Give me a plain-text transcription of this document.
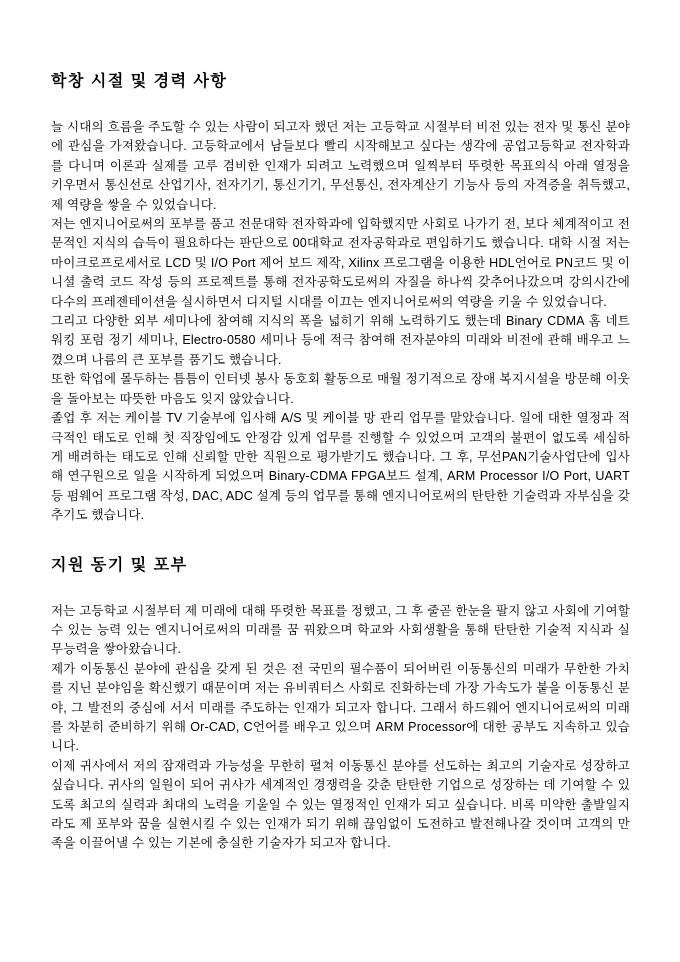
학창 시절 및 경력 사항

늘 시대의 흐름을 주도할 수 있는 사람이 되고자 했던 저는 고등학교 시절부터 비전 있는 전자 및 통신 분야에 관심을 가져왔습니다. 고등학교에서 남들보다 빨리 시작해보고 싶다는 생각에 공업고등학교 전자학과를 다니며 이론과 실제를 고루 겸비한 인재가 되려고 노력했으며 일찍부터 뚜렷한 목표의식 아래 열정을 키우면서 통신선로 산업기사, 전자기기, 통신기기, 무선통신, 전자계산기 기능사 등의 자격증을 취득했고, 제 역량을 쌓을 수 있었습니다.

저는 엔지니어로써의 포부를 품고 전문대학 전자학과에 입학했지만 사회로 나가기 전, 보다 체계적이고 전문적인 지식의 습득이 필요하다는 판단으로 00대학교 전자공학과로 편입하기도 했습니다. 대학 시절 저는 마이크로프로세서로 LCD 및 I/O Port 제어 보드 제작, Xilinx 프로그램을 이용한 HDL언어로 PN코드 및 이니셜 출력 코드 작성 등의 프로젝트를 통해 전자공학도로써의 자질을 하나씩 갖추어나갔으며 강의시간에 다수의 프레젠테이션을 실시하면서 디지털 시대를 이끄는 엔지니어로써의 역량을 키울 수 있었습니다.

그리고 다양한 외부 세미나에 참여해 지식의 폭을 넓히기 위해 노력하기도 했는데 Binary CDMA 홈 네트워킹 포럼 정기 세미나, Electro-0580 세미나 등에 적극 참여해 전자분야의 미래와 비전에 관해 배우고 느꼈으며 나름의 큰 포부를 품기도 했습니다.

또한 학업에 몰두하는 틈틈이 인터넷 봉사 동호회 활동으로 매월 정기적으로 장애 복지시설을 방문해 이웃을 돌아보는 따뜻한 마음도 잊지 않았습니다.

졸업 후 저는 케이블 TV 기술부에 입사해 A/S 및 케이블 망 관리 업무를 맡았습니다. 일에 대한 열정과 적극적인 태도로 인해 첫 직장임에도 안정감 있게 업무를 진행할 수 있었으며 고객의 불편이 없도록 세심하게 배려하는 태도로 인해 신뢰할 만한 직원으로 평가받기도 했습니다. 그 후, 무선PAN기술사업단에 입사해 연구원으로 일을 시작하게 되었으며 Binary-CDMA FPGA보드 설계, ARM Processor I/O Port, UART등 펌웨어 프로그램 작성, DAC, ADC 설계 등의 업무를 통해 엔지니어로써의 탄탄한 기술력과 자부심을 갖추기도 했습니다.

지원 동기 및 포부

저는 고등학교 시절부터 제 미래에 대해 뚜렷한 목표를 정했고, 그 후 줄곧 한눈을 팔지 않고 사회에 기여할 수 있는 능력 있는 엔지니어로써의 미래를 꿈 꿔왔으며 학교와 사회생활을 통해 탄탄한 기술적 지식과 실무능력을 쌓아왔습니다.

제가 이동통신 분야에 관심을 갖게 된 것은 전 국민의 필수품이 되어버린 이동통신의 미래가 무한한 가치를 지닌 분야임을 확신했기 때문이며 저는 유비쿼터스 사회로 진화하는데 가장 가속도가 붙을 이동통신 분야, 그 발전의 중심에 서서 미래를 주도하는 인재가 되고자 합니다. 그래서 하드웨어 엔지니어로써의 미래를 차분히 준비하기 위해 Or-CAD, C언어를 배우고 있으며 ARM Processor에 대한 공부도 지속하고 있습니다.

이제 귀사에서 저의 잠재력과 가능성을 무한히 펼쳐 이동통신 분야를 선도하는 최고의 기술자로 성장하고 싶습니다. 귀사의 일원이 되어 귀사가 세계적인 경쟁력을 갖춘 탄탄한 기업으로 성장하는 데 기여할 수 있도록 최고의 실력과 최대의 노력을 기울일 수 있는 열정적인 인재가 되고 싶습니다. 비록 미약한 출발일지라도 제 포부와 꿈을 실현시킬 수 있는 인재가 되기 위해 끊임없이 도전하고 발전해나갈 것이며 고객의 만족을 이끌어낼 수 있는 기본에 충실한 기술자가 되고자 합니다.
